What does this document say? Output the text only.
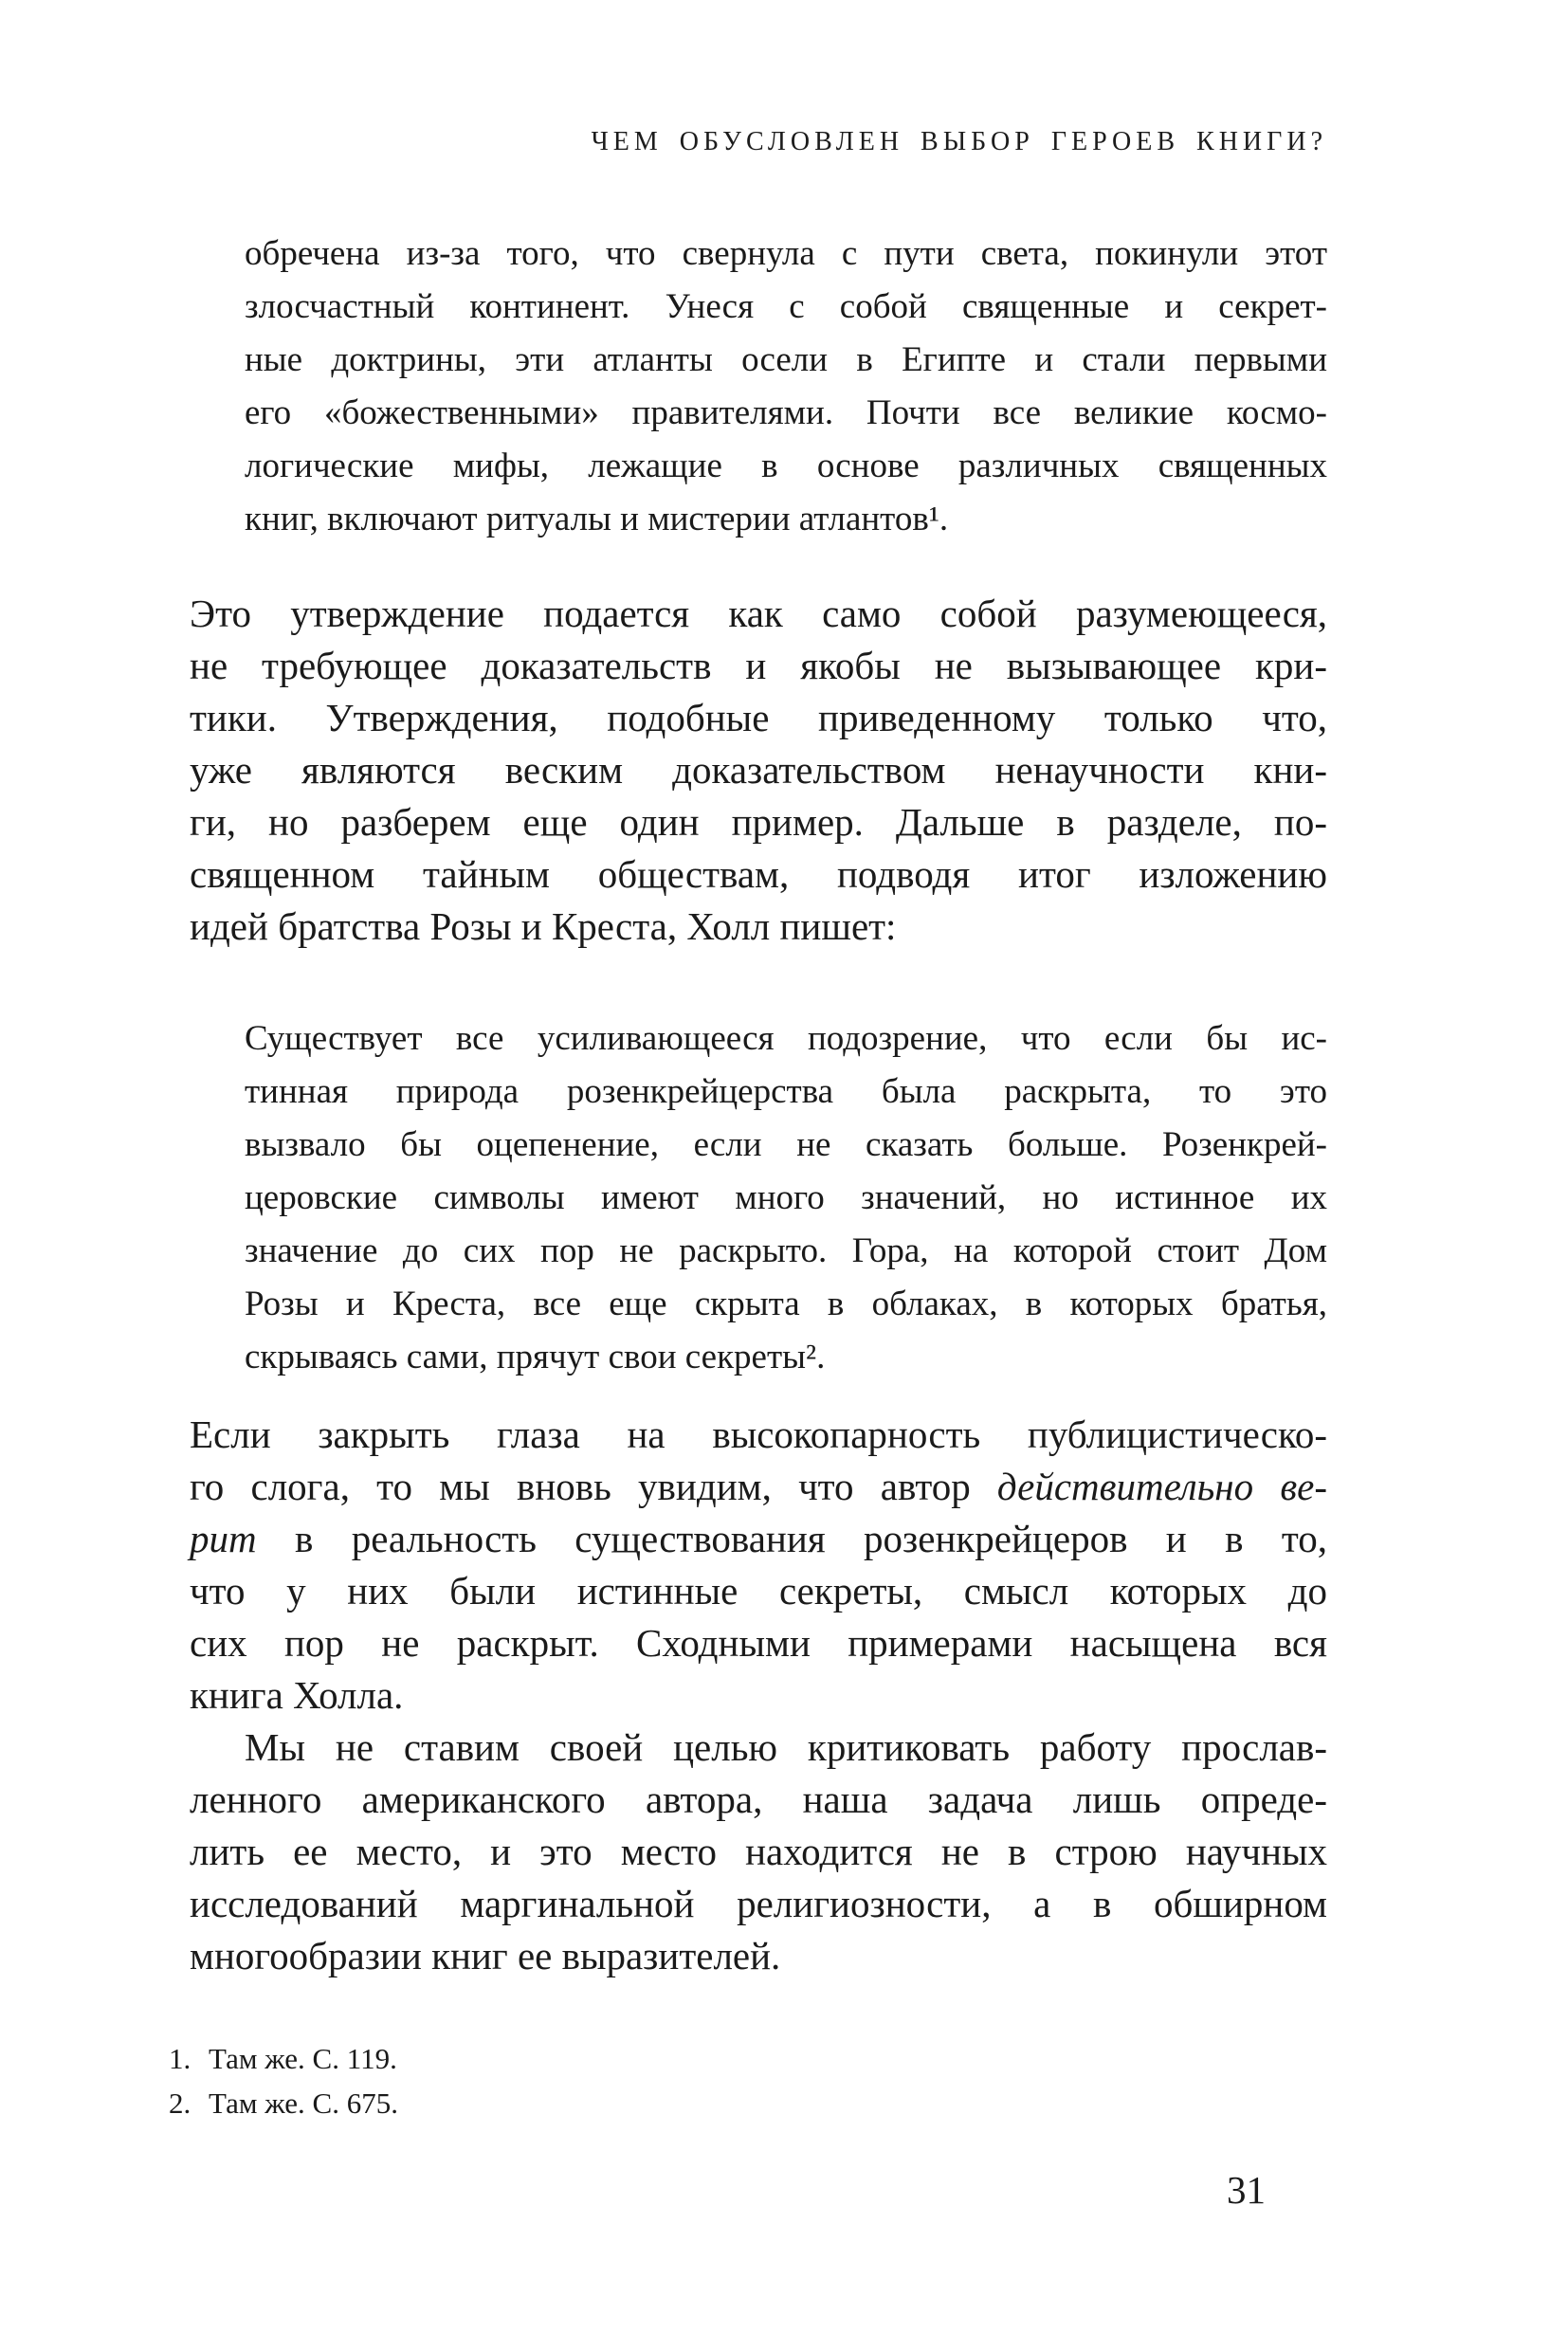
ЧЕМ ОБУСЛОВЛЕН ВЫБОР ГЕРОЕВ КНИГИ?
обречена из-за того, что свернула с пути света, покинули этот
злосчастный континент. Унеся с собой священные и секрет-
ные доктрины, эти атланты осели в Египте и стали первыми
его «божественными» правителями. Почти все великие космо-
логические мифы, лежащие в основе различных священных
книг, включают ритуалы и мистерии атлантов¹.
Это утверждение подается как само собой разумеющееся,
не требующее доказательств и якобы не вызывающее кри-
тики. Утверждения, подобные приведенному только что,
уже являются веским доказательством ненаучности кни-
ги, но разберем еще один пример. Дальше в разделе, по-
священном тайным обществам, подводя итог изложению
идей братства Розы и Креста, Холл пишет:
Существует все усиливающееся подозрение, что если бы ис-
тинная природа розенкрейцерства была раскрыта, то это
вызвало бы оцепенение, если не сказать больше. Розенкрей-
церовские символы имеют много значений, но истинное их
значение до сих пор не раскрыто. Гора, на которой стоит Дом
Розы и Креста, все еще скрыта в облаках, в которых братья,
скрываясь сами, прячут свои секреты².
Если закрыть глаза на высокопарность публицистическо-
го слога, то мы вновь увидим, что автор действительно ве-
рит в реальность существования розенкрейцеров и в то,
что у них были истинные секреты, смысл которых до
сих пор не раскрыт. Сходными примерами насыщена вся
книга Холла.
Мы не ставим своей целью критиковать работу прослав-
ленного американского автора, наша задача лишь опреде-
лить ее место, и это место находится не в строю научных
исследований маргинальной религиозности, а в обширном
многообразии книг ее выразителей.
1. Там же. С. 119.
2. Там же. С. 675.
31
